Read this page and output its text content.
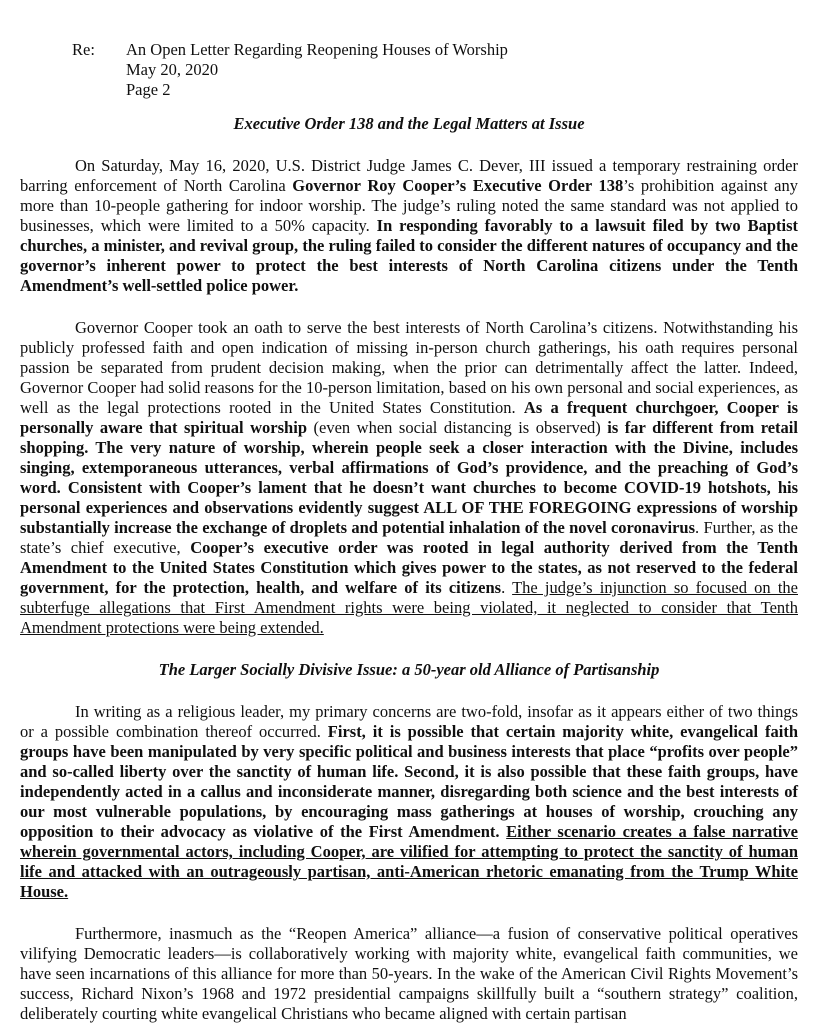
Re:	An Open Letter Regarding Reopening Houses of Worship
May 20, 2020
Page 2
Executive Order 138 and the Legal Matters at Issue

On Saturday, May 16, 2020, U.S. District Judge James C. Dever, III issued a temporary restraining order barring enforcement of North Carolina Governor Roy Cooper’s Executive Order 138’s prohibition against any more than 10-people gathering for indoor worship. The judge’s ruling noted the same standard was not applied to businesses, which were limited to a 50% capacity. In responding favorably to a lawsuit filed by two Baptist churches, a minister, and revival group, the ruling failed to consider the different natures of occupancy and the governor’s inherent power to protect the best interests of North Carolina citizens under the Tenth Amendment’s well-settled police power.

Governor Cooper took an oath to serve the best interests of North Carolina’s citizens. Notwithstanding his publicly professed faith and open indication of missing in-person church gatherings, his oath requires personal passion be separated from prudent decision making, when the prior can detrimentally affect the latter. Indeed, Governor Cooper had solid reasons for the 10-person limitation, based on his own personal and social experiences, as well as the legal protections rooted in the United States Constitution. As a frequent churchgoer, Cooper is personally aware that spiritual worship (even when social distancing is observed) is far different from retail shopping. The very nature of worship, wherein people seek a closer interaction with the Divine, includes singing, extemporaneous utterances, verbal affirmations of God’s providence, and the preaching of God’s word. Consistent with Cooper’s lament that he doesn’t want churches to become COVID-19 hotshots, his personal experiences and observations evidently suggest ALL OF THE FOREGOING expressions of worship substantially increase the exchange of droplets and potential inhalation of the novel coronavirus. Further, as the state’s chief executive, Cooper’s executive order was rooted in legal authority derived from the Tenth Amendment to the United States Constitution which gives power to the states, as not reserved to the federal government, for the protection, health, and welfare of its citizens. The judge’s injunction so focused on the subterfuge allegations that First Amendment rights were being violated, it neglected to consider that Tenth Amendment protections were being extended.

The Larger Socially Divisive Issue: a 50-year old Alliance of Partisanship

In writing as a religious leader, my primary concerns are two-fold, insofar as it appears either of two things or a possible combination thereof occurred. First, it is possible that certain majority white, evangelical faith groups have been manipulated by very specific political and business interests that place “profits over people” and so-called liberty over the sanctity of human life. Second, it is also possible that these faith groups, have independently acted in a callus and inconsiderate manner, disregarding both science and the best interests of our most vulnerable populations, by encouraging mass gatherings at houses of worship, crouching any opposition to their advocacy as violative of the First Amendment. Either scenario creates a false narrative wherein governmental actors, including Cooper, are vilified for attempting to protect the sanctity of human life and attacked with an outrageously partisan, anti-American rhetoric emanating from the Trump White House.

Furthermore, inasmuch as the “Reopen America” alliance—a fusion of conservative political operatives vilifying Democratic leaders—is collaboratively working with majority white, evangelical faith communities, we have seen incarnations of this alliance for more than 50-years. In the wake of the American Civil Rights Movement’s success, Richard Nixon’s 1968 and 1972 presidential campaigns skillfully built a “southern strategy” coalition, deliberately courting white evangelical Christians who became aligned with certain partisan
